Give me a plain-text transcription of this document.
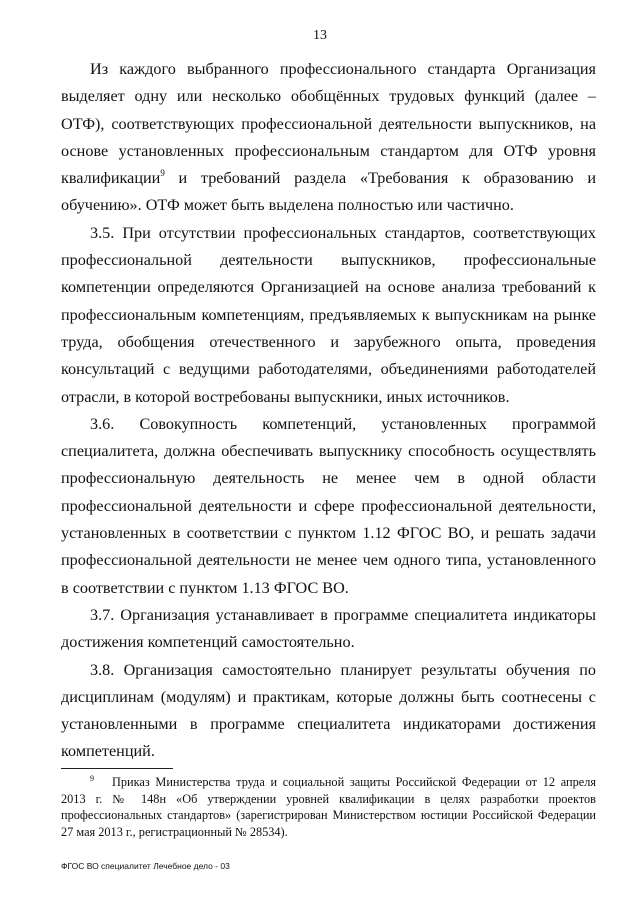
13

Из каждого выбранного профессионального стандарта Организация выделяет одну или несколько обобщённых трудовых функций (далее – ОТФ), соответствующих профессиональной деятельности выпускников, на основе установленных профессиональным стандартом для ОТФ уровня квалификации$^9$ и требований раздела «Требования к образованию и обучению». ОТФ может быть выделена полностью или частично.

3.5. При отсутствии профессиональных стандартов, соответствующих профессиональной деятельности выпускников, профессиональные компетенции определяются Организацией на основе анализа требований к профессиональным компетенциям, предъявляемых к выпускникам на рынке труда, обобщения отечественного и зарубежного опыта, проведения консультаций с ведущими работодателями, объединениями работодателей отрасли, в которой востребованы выпускники, иных источников.

3.6. Совокупность компетенций, установленных программой специалитета, должна обеспечивать выпускнику способность осуществлять профессиональную деятельность не менее чем в одной области профессиональной деятельности и сфере профессиональной деятельности, установленных в соответствии с пунктом 1.12 ФГОС ВО, и решать задачи профессиональной деятельности не менее чем одного типа, установленного в соответствии с пунктом 1.13 ФГОС ВО.

3.7. Организация устанавливает в программе специалитета индикаторы достижения компетенций самостоятельно.

3.8. Организация самостоятельно планирует результаты обучения по дисциплинам (модулям) и практикам, которые должны быть соотнесены с установленными в программе специалитета индикаторами достижения компетенций.

$^9$ Приказ Министерства труда и социальной защиты Российской Федерации от 12 апреля 2013 г. № 148н «Об утверждении уровней квалификации в целях разработки проектов профессиональных стандартов» (зарегистрирован Министерством юстиции Российской Федерации 27 мая 2013 г., регистрационный № 28534).

ФГОС ВО специалитет Лечебное дело - 03
